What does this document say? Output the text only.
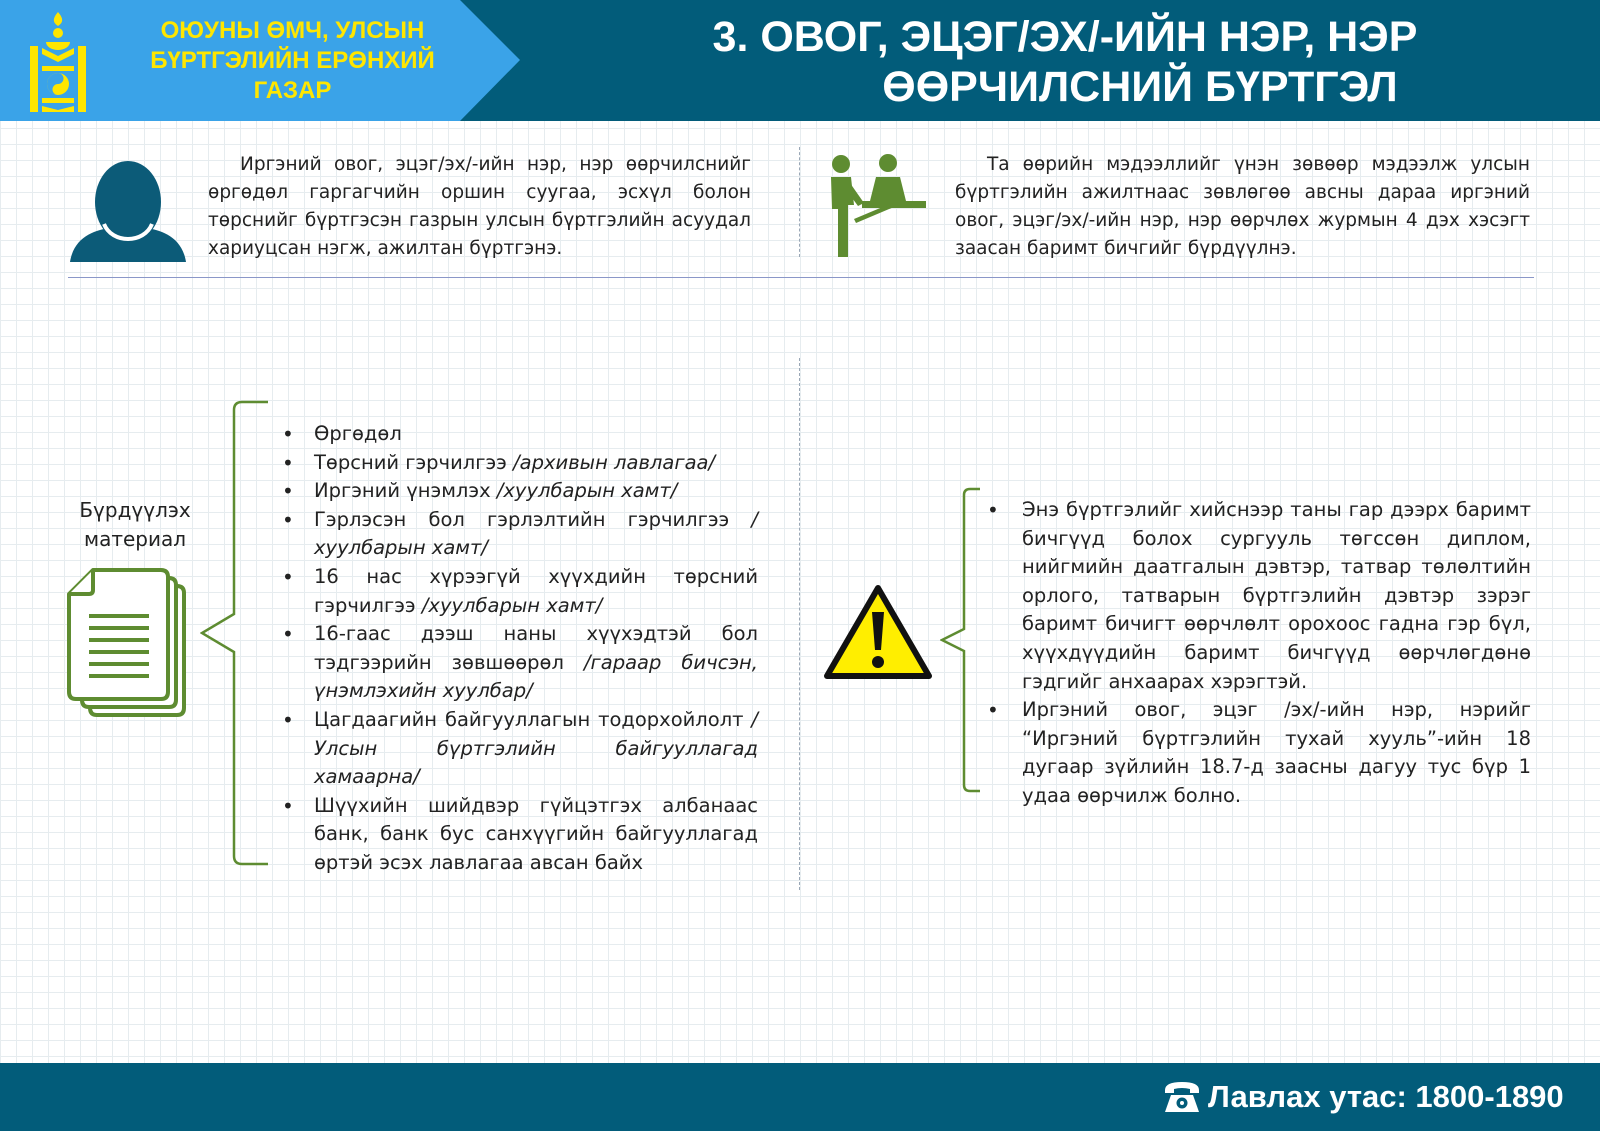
ОЮУНЫ ӨМЧ, УЛСЫН
БҮРТГЭЛИЙН ЕРӨНХИЙ
ГАЗАР
3. ОВОГ, ЭЦЭГ/ЭХ/-ИЙН НЭР, НЭР
ӨӨРЧИЛСНИЙ БҮРТГЭЛ
Иргэний овог, эцэг/эх/-ийн нэр, нэр өөрчилснийг өргөдөл гаргагчийн оршин суугаа, эсхүл болон төрснийг бүртгэсэн газрын улсын бүртгэлийн асуудал хариуцсан нэгж, ажилтан бүртгэнэ.
Та өөрийн мэдээллийг үнэн зөвөөр мэдээлж улсын бүртгэлийн ажилтнаас зөвлөгөө авсны дараа иргэний овог, эцэг/эх/-ийн нэр, нэр өөрчлөх журмын 4 дэх хэсэгт заасан баримт бичгийг бүрдүүлнэ.
Бүрдүүлэх
материал
• Өргөдөл
• Төрсний гэрчилгээ /архивын лавлагаа/
• Иргэний үнэмлэх /хуулбарын хамт/
• Гэрлэсэн бол гэрлэлтийн гэрчилгээ /хуулбарын хамт/
• 16 нас хүрээгүй хүүхдийн төрсний гэрчилгээ /хуулбарын хамт/
• 16-гаас дээш наны хүүхэдтэй бол тэдгээрийн зөвшөөрөл /гараар бичсэн, үнэмлэхийн хуулбар/
• Цагдаагийн байгууллагын тодорхойлолт /Улсын бүртгэлийн байгууллагад хамаарна/
• Шүүхийн шийдвэр гүйцэтгэх албанаас банк, банк бус санхүүгийн байгууллагад өртэй эсэх лавлагаа авсан байх
• Энэ бүртгэлийг хийснээр таны гар дээрх баримт бичгүүд болох сургууль төгссөн диплом, нийгмийн даатгалын дэвтэр, татвар төлөлтийн орлого, татварын бүртгэлийн дэвтэр зэрэг баримт бичигт өөрчлөлт орохоос гадна гэр бүл, хүүхдүүдийн баримт бичгүүд өөрчлөгдөнө гэдгийг анхаарах хэрэгтэй.
• Иргэний овог, эцэг /эх/-ийн нэр, нэрийг “Иргэний бүртгэлийн тухай хууль”-ийн 18 дугаар зүйлийн 18.7-д заасны дагуу тус бүр 1 удаа өөрчилж болно.
Лавлах утас: 1800-1890
